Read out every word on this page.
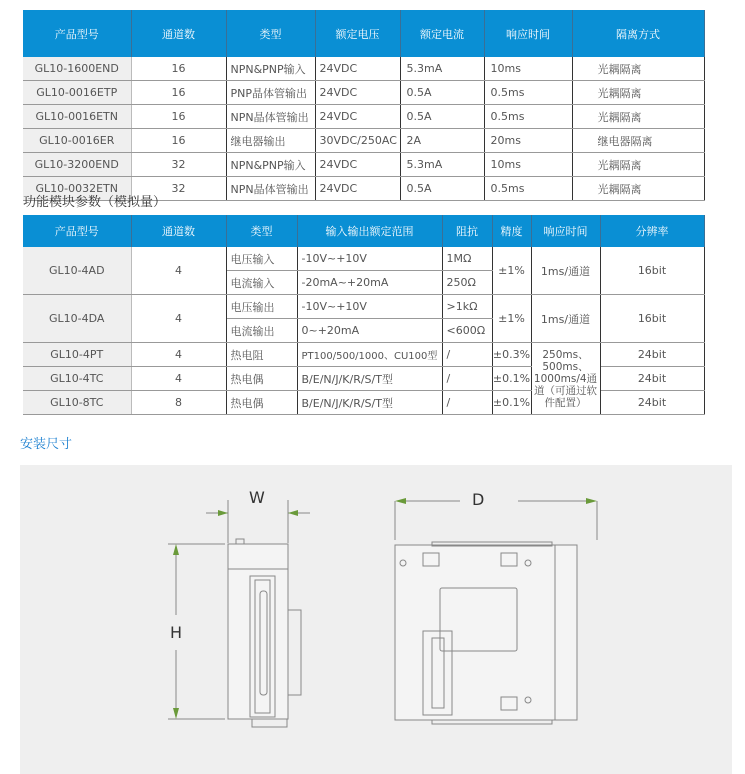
产品型号	通道数	类型	额定电压	额定电流	响应时间	隔离方式
GL10-1600END	16	NPN&PNP输入	24VDC	5.3mA	10ms	光耦隔离
GL10-0016ETP	16	PNP晶体管输出	24VDC	0.5A	0.5ms	光耦隔离
GL10-0016ETN	16	NPN晶体管输出	24VDC	0.5A	0.5ms	光耦隔离
GL10-0016ER	16	继电器输出	30VDC/250AC	2A	20ms	继电器隔离
GL10-3200END	32	NPN&PNP输入	24VDC	5.3mA	10ms	光耦隔离
GL10-0032ETN	32	NPN晶体管输出	24VDC	0.5A	0.5ms	光耦隔离
功能模块参数（模拟量）
产品型号	通道数	类型	输入输出额定范围	阻抗	精度	响应时间	分辨率
GL10-4AD	4	电压输入	-10V~+10V	1MΩ	±1%	1ms/通道	16bit
		电流输入	-20mA~+20mA	250Ω			
GL10-4DA	4	电压输出	-10V~+10V	>1kΩ	±1%	1ms/通道	16bit
		电流输出	0~+20mA	<600Ω			
GL10-4PT	4	热电阻	PT100/500/1000、CU100型	/	±0.3%	250ms、500ms、1000ms/4通道（可通过软件配置）	24bit
GL10-4TC	4	热电偶	B/E/N/J/K/R/S/T型	/	±0.1%		24bit
GL10-8TC	8	热电偶	B/E/N/J/K/R/S/T型	/	±0.1%		24bit
安装尺寸
W
H
D
